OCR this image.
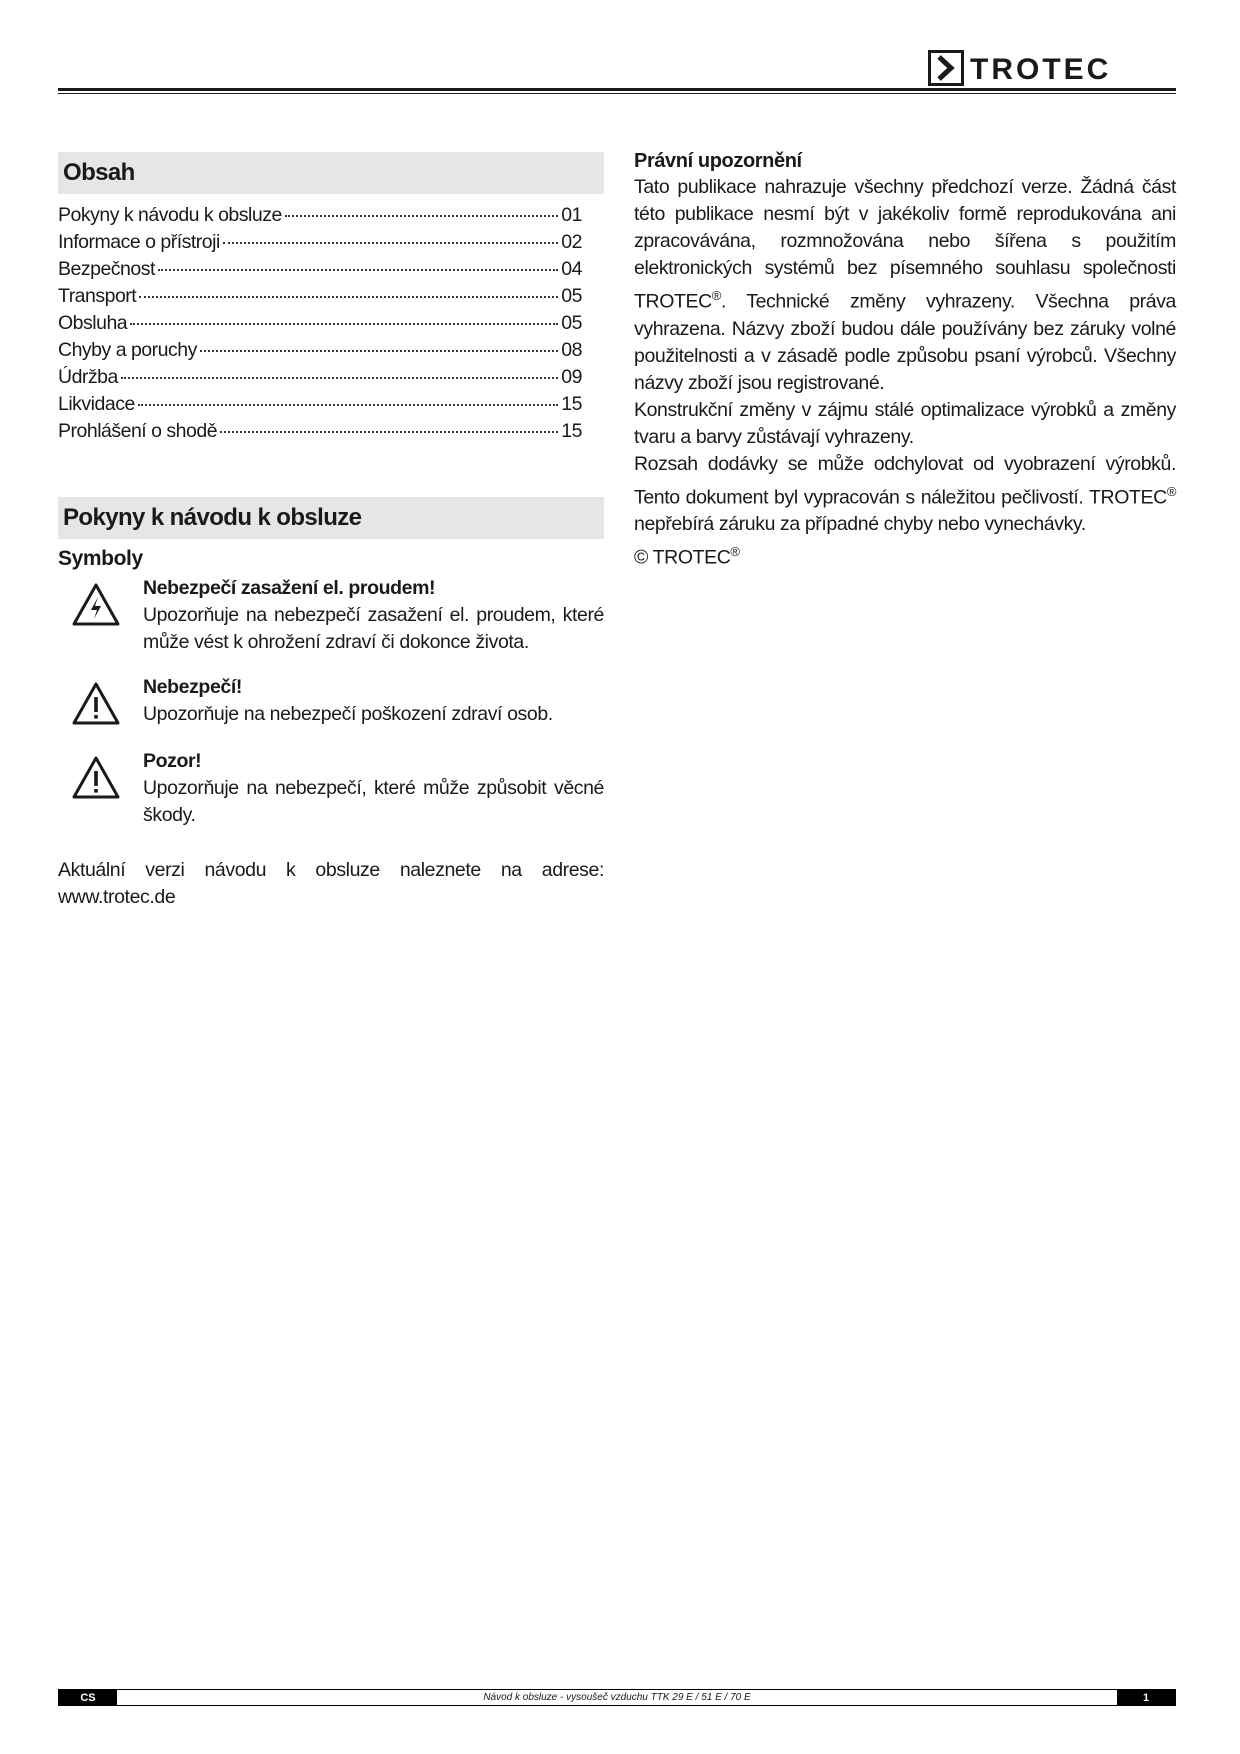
TROTEC
Obsah
Pokyny k návodu k obsluze	01
Informace o přístroji	02
Bezpečnost	04
Transport	05
Obsluha	05
Chyby a poruchy	08
Údržba	09
Likvidace	15
Prohlášení o shodě	15
Pokyny k návodu k obsluze
Symboly
Nebezpečí zasažení el. proudem!
Upozorňuje na nebezpečí zasažení el. proudem, které může vést k ohrožení zdraví či dokonce života.
Nebezpečí!
Upozorňuje na nebezpečí poškození zdraví osob.
Pozor!
Upozorňuje na nebezpečí, které může způsobit věcné škody.
Aktuální verzi návodu k obsluze naleznete na adrese:
www.trotec.de
Právní upozornění

Tato publikace nahrazuje všechny předchozí verze. Žádná část této publikace nesmí být v jakékoliv formě reprodukována ani zpracovávána, rozmnožována nebo šířena s použitím elektronických systémů bez písemného souhlasu společnosti TROTEC®. Technické změny vyhrazeny. Všechna práva vyhrazena. Názvy zboží budou dále používány bez záruky volné použitelnosti a v zásadě podle způsobu psaní výrobců. Všechny názvy zboží jsou registrované.

Konstrukční změny v zájmu stálé optimalizace výrobků a změny tvaru a barvy zůstávají vyhrazeny.

Rozsah dodávky se může odchylovat od vyobrazení výrobků. Tento dokument byl vypracován s náležitou pečlivostí. TROTEC® nepřebírá záruku za případné chyby nebo vynechávky.

© TROTEC®

CS	Návod k obsluze - vysoušeč vzduchu TTK 29 E / 51 E / 70 E	1
